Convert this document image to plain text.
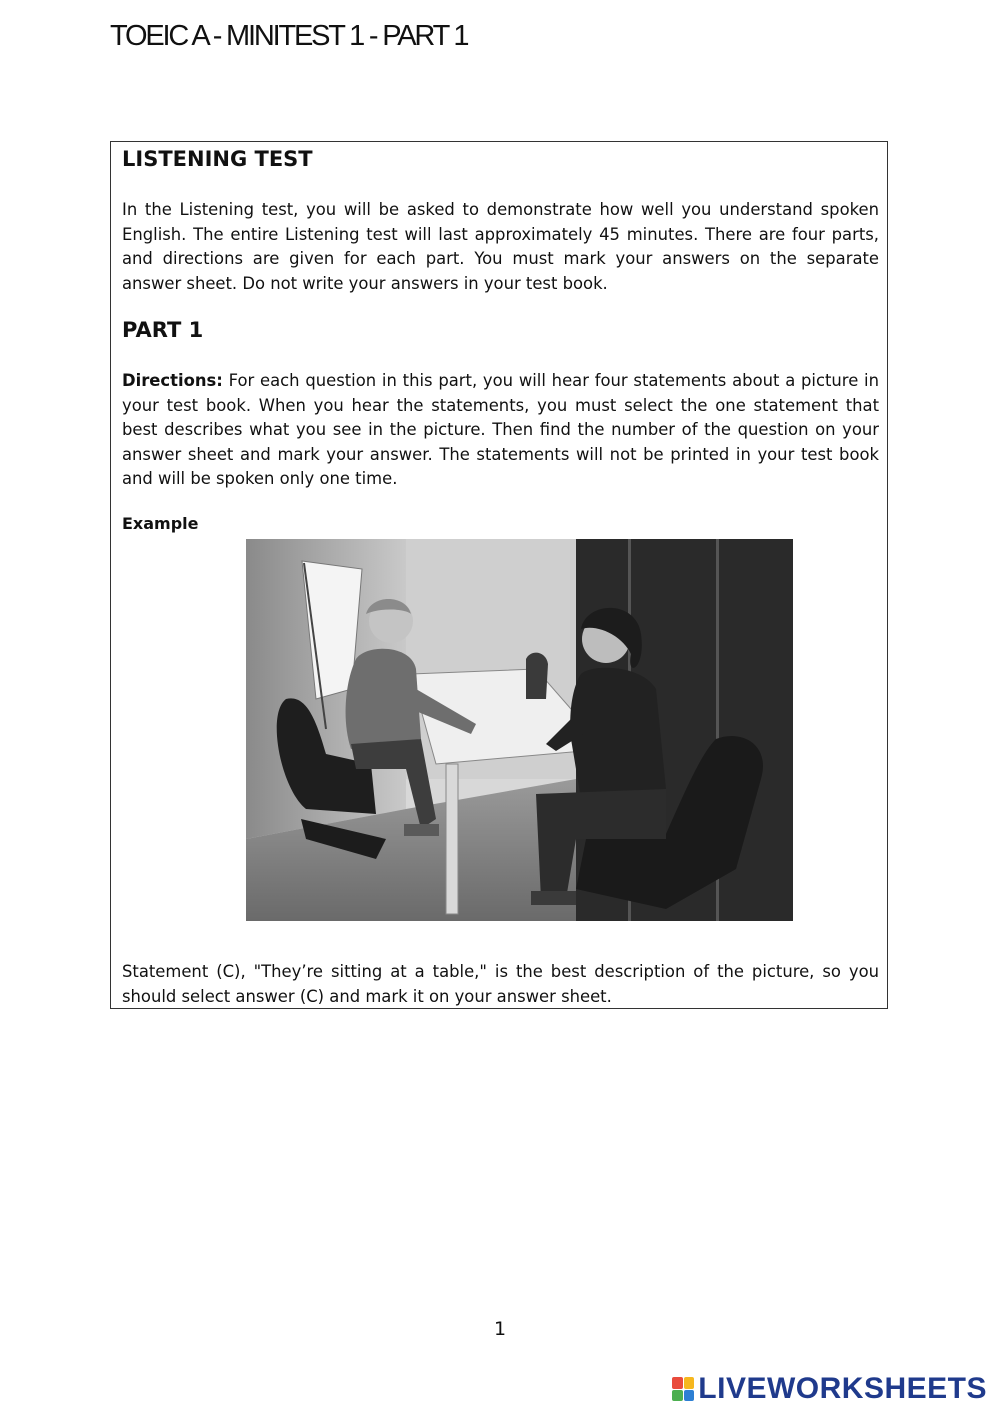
TOEIC A - MINITEST 1 - PART 1
LISTENING TEST

In the Listening test, you will be asked to demonstrate how well you understand spoken English. The entire Listening test will last approximately 45 minutes. There are four parts, and directions are given for each part. You must mark your answers on the separate answer sheet. Do not write your answers in your test book.

PART 1

Directions: For each question in this part, you will hear four statements about a picture in your test book. When you hear the statements, you must select the one statement that best describes what you see in the picture. Then find the number of the question on your answer sheet and mark your answer. The statements will not be printed in your test book and will be spoken only one time.

Example

Statement (C), "They’re sitting at a table," is the best description of the picture, so you should select answer (C) and mark it on your answer sheet.

1
LIVEWORKSHEETS
